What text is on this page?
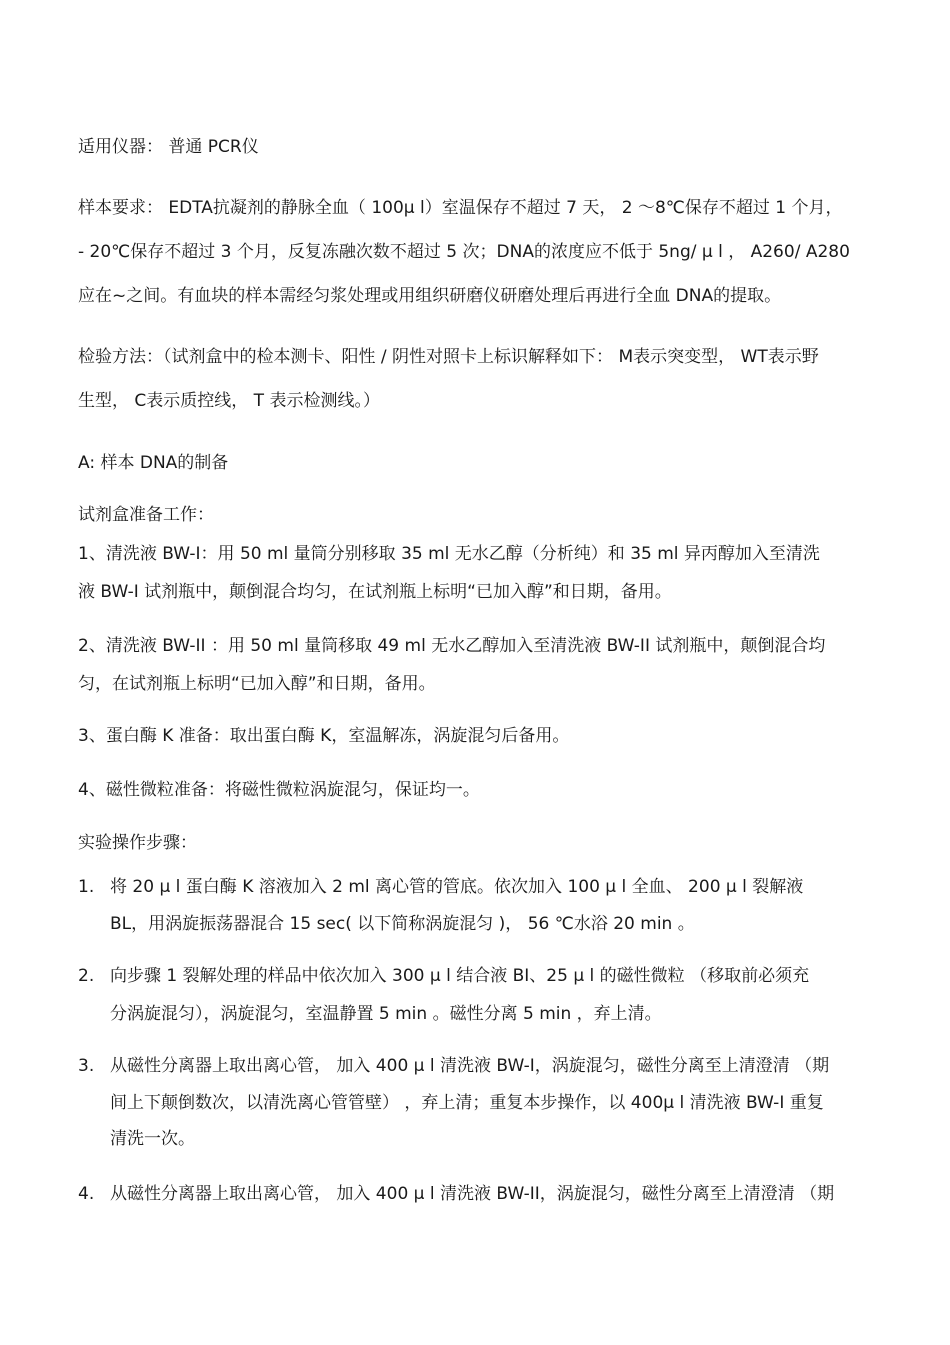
适用仪器： 普通 PCR仪
样本要求： EDTA抗凝剂的静脉全血（ 100μ l）室温保存不超过 7 天， 2 ～8℃保存不超过 1 个月，
- 20℃保存不超过 3 个月，反复冻融次数不超过 5 次；DNA的浓度应不低于 5ng/ μ l ， A260/ A280
应在~之间。有血块的样本需经匀浆处理或用组织研磨仪研磨处理后再进行全血 DNA的提取。
检验方法：（试剂盒中的检本测卡、阳性 / 阴性对照卡上标识解释如下： M表示突变型， WT表示野
生型， C表示质控线， T 表示检测线。）
A: 样本 DNA的制备
试剂盒准备工作：
1、清洗液 BW-I：用 50 ml 量筒分别移取 35 ml 无水乙醇（分析纯）和 35 ml 异丙醇加入至清洗
液 BW-I 试剂瓶中，颠倒混合均匀，在试剂瓶上标明“已加入醇”和日期，备用。
2、清洗液 BW-II ：用 50 ml 量筒移取 49 ml 无水乙醇加入至清洗液 BW-II 试剂瓶中，颠倒混合均
匀，在试剂瓶上标明“已加入醇”和日期，备用。
3、蛋白酶 K 准备：取出蛋白酶 K，室温解冻，涡旋混匀后备用。
4、磁性微粒准备：将磁性微粒涡旋混匀，保证均一。
实验操作步骤：
1. 将 20 μ l 蛋白酶 K 溶液加入 2 ml 离心管的管底。依次加入 100 μ l 全血、 200 μ l 裂解液
BL，用涡旋振荡器混合 15 sec( 以下简称涡旋混匀 )， 56 ℃水浴 20 min 。
2. 向步骤 1 裂解处理的样品中依次加入 300 μ l 结合液 BI、25 μ l 的磁性微粒 （移取前必须充
分涡旋混匀），涡旋混匀，室温静置 5 min 。磁性分离 5 min ，弃上清。
3. 从磁性分离器上取出离心管， 加入 400 μ l 清洗液 BW-I，涡旋混匀，磁性分离至上清澄清 （期
间上下颠倒数次，以清洗离心管管壁） ，弃上清；重复本步操作，以 400μ l 清洗液 BW-I 重复
清洗一次。
4. 从磁性分离器上取出离心管， 加入 400 μ l 清洗液 BW-II，涡旋混匀，磁性分离至上清澄清 （期
